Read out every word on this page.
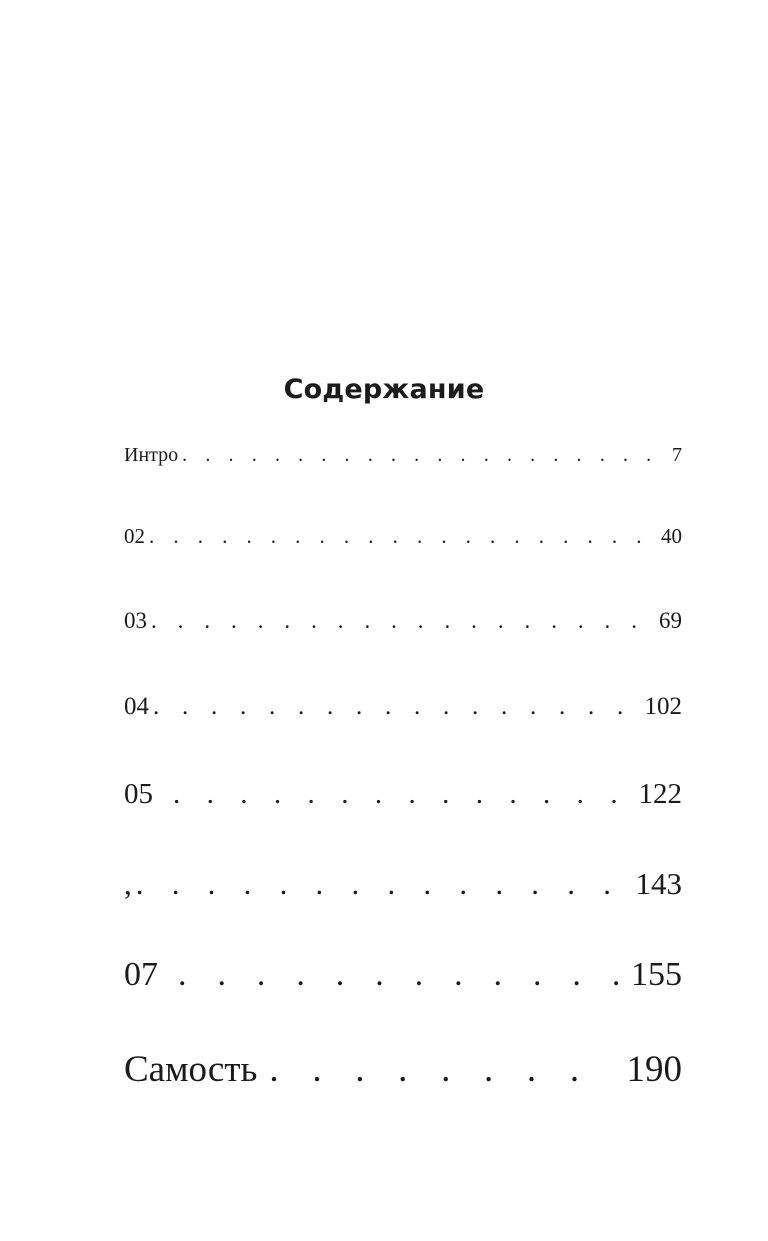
Содержание
Интро . . .	7
02 . . .	40
03 . . .	69
04 . . .	102
05 . . .	122
, . . .	143
07 . . .	155
Самость . . .	190
